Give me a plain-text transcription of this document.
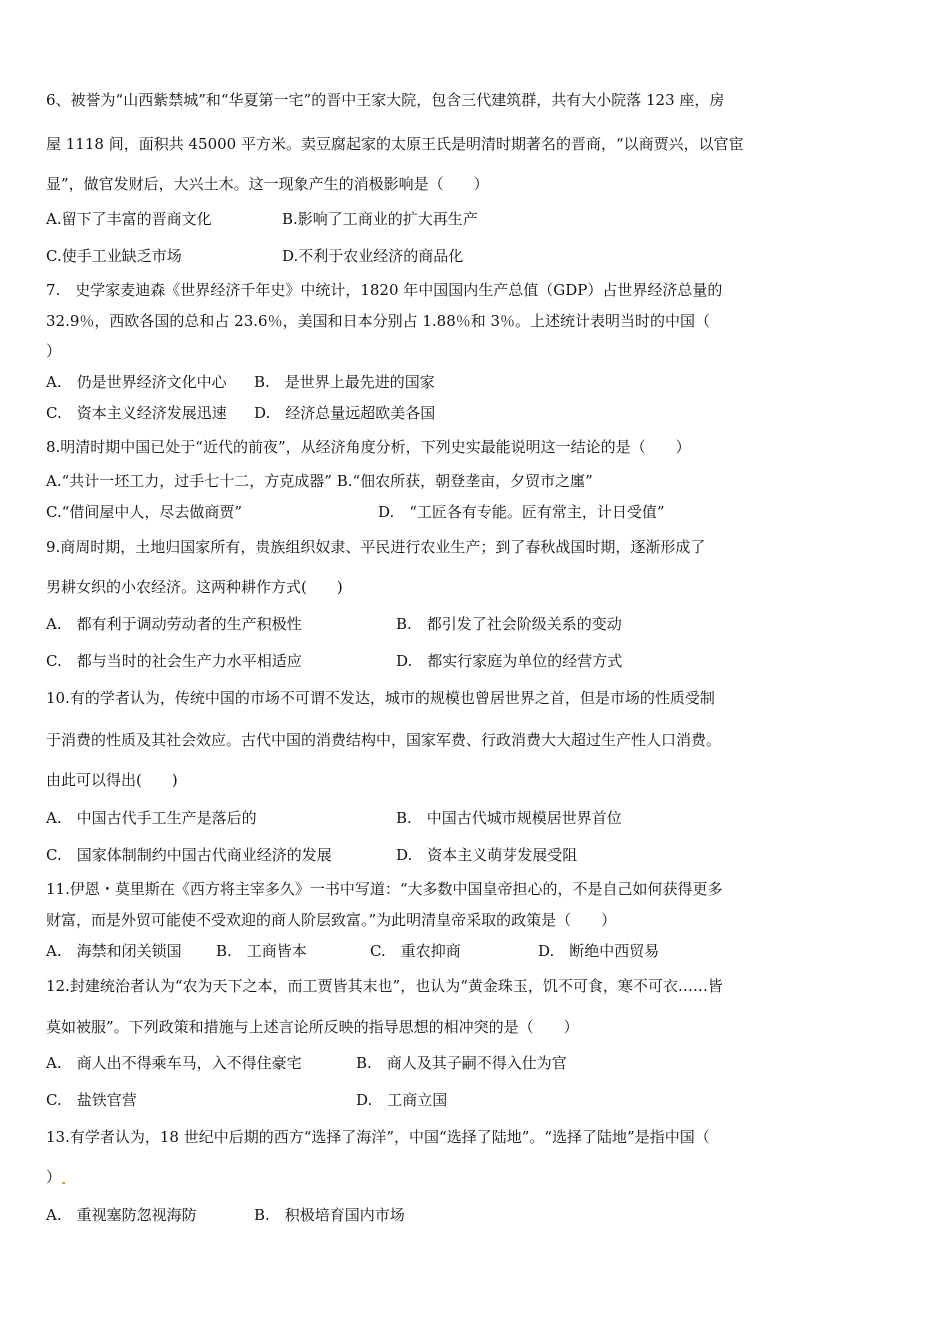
6、被誉为“山西紫禁城”和“华夏第一宅”的晋中王家大院，包含三代建筑群，共有大小院落 123 座，房
屋 1118 间，面积共 45000 平方米。卖豆腐起家的太原王氏是明清时期著名的晋商，“以商贾兴，以官宦
显”，做官发财后，大兴土木。这一现象产生的消极影响是（　　）
A.留下了丰富的晋商文化	B.影响了工商业的扩大再生产
C.使手工业缺乏市场	D.不利于农业经济的商品化
7.　史学家麦迪森《世界经济千年史》中统计，1820 年中国国内生产总值（GDP）占世界经济总量的
32.9％，西欧各国的总和占 23.6％，美国和日本分别占 1.88％和 3％。上述统计表明当时的中国（
）
A.　仍是世界经济文化中心 B.　是世界上最先进的国家
C.　资本主义经济发展迅速 D.　经济总量远超欧美各国
8.明清时期中国已处于“近代的前夜”，从经济角度分析，下列史实最能说明这一结论的是（　　）
A.“共计一坯工力，过手七十二，方克成器” B.“佃农所获，朝登垄亩，夕贸市之廛”
C.“借间屋中人，尽去做商贾”	D.　“工匠各有专能。匠有常主，计日受值”
9.商周时期，土地归国家所有，贵族组织奴隶、平民进行农业生产；到了春秋战国时期，逐渐形成了
男耕女织的小农经济。这两种耕作方式(　　)
A.　都有利于调动劳动者的生产积极性	B.　都引发了社会阶级关系的变动
C.　都与当时的社会生产力水平相适应	D.　都实行家庭为单位的经营方式
10.有的学者认为，传统中国的市场不可谓不发达，城市的规模也曾居世界之首，但是市场的性质受制
于消费的性质及其社会效应。古代中国的消费结构中，国家军费、行政消费大大超过生产性人口消费。
由此可以得出(　　)
A.　中国古代手工生产是落后的	B.　中国古代城市规模居世界首位
C.　国家体制制约中国古代商业经济的发展	D.　资本主义萌芽发展受阻
11.伊恩・莫里斯在《西方将主宰多久》一书中写道：“大多数中国皇帝担心的，不是自己如何获得更多
财富，而是外贸可能使不受欢迎的商人阶层致富。”为此明清皇帝采取的政策是（　　）
A.　海禁和闭关锁国 B.　工商皆本	C.　重农抑商	D.　断绝中西贸易
12.封建统治者认为“农为天下之本，而工贾皆其末也”，也认为“黄金珠玉，饥不可食，寒不可衣……皆
莫如被服”。下列政策和措施与上述言论所反映的指导思想的相冲突的是（　　）
A.　商人出不得乘车马，入不得住豪宅	B.　商人及其子嗣不得入仕为官
C.　盐铁官营	D.　工商立国
13.有学者认为，18 世纪中后期的西方“选择了海洋”，中国“选择了陆地”。“选择了陆地”是指中国（
）
A.　重视塞防忽视海防	B.　积极培育国内市场
